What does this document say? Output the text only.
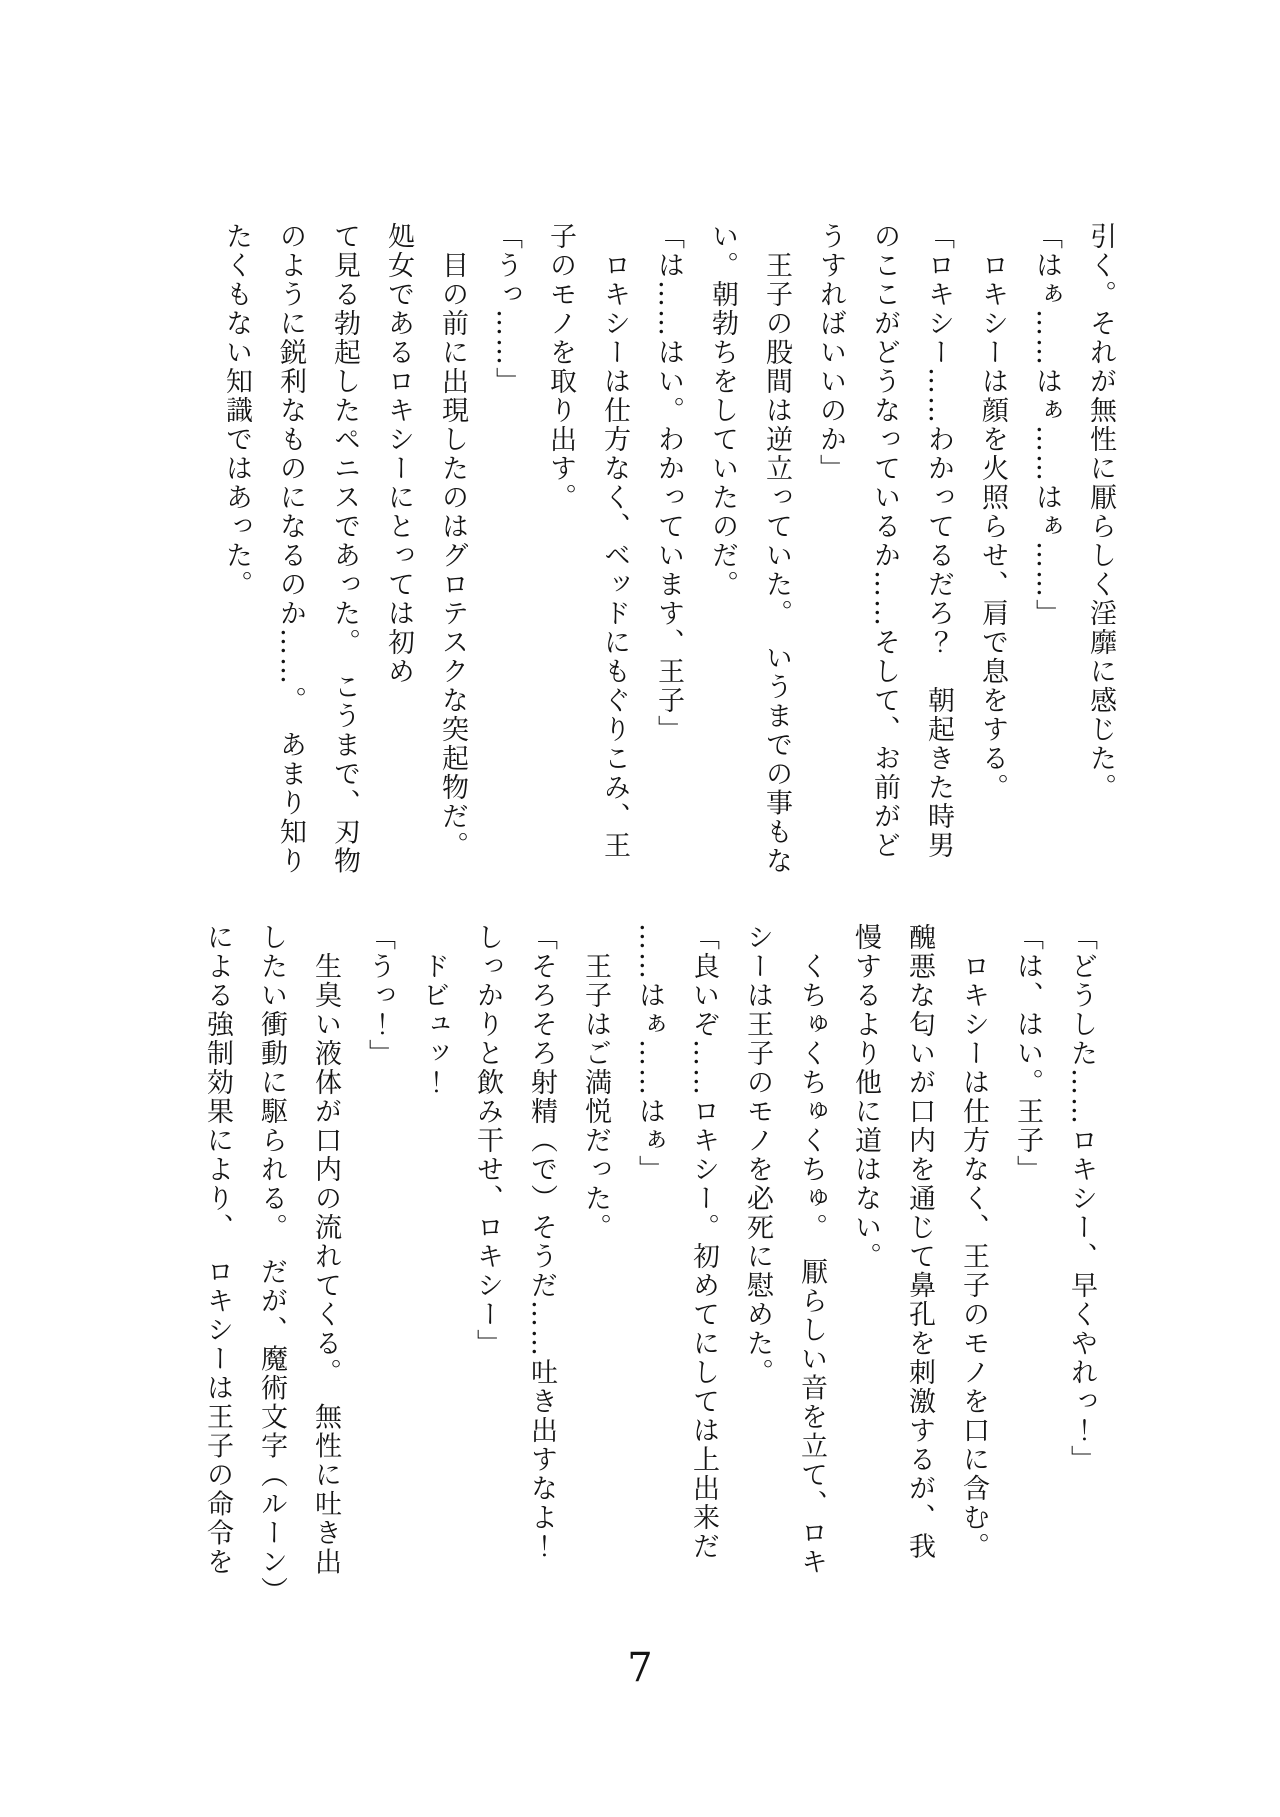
引く。それが無性に厭らしく淫靡に感じた。

「はぁ……はぁ……はぁ……」

　ロキシーは顔を火照らせ、肩で息をする。

「ロキシー……わかってるだろ？　朝起きた時男

のここがどうなっているか……そして、お前がど

うすればいいのか」

　王子の股間は逆立っていた。　いうまでの事もな

い。朝勃ちをしていたのだ。

「は……はい。わかっています、王子」

　ロキシーは仕方なく、ベッドにもぐりこみ、王

子のモノを取り出す。

「うっ……」

　目の前に出現したのはグロテスクな突起物だ。

処女であるロキシーにとっては初め

て見る勃起したペニスであった。　こうまで、刃物

のように鋭利なものになるのか……。　あまり知り

たくもない知識ではあった。

「どうした……ロキシー、早くやれっ！」

「は、はい。王子」

　ロキシーは仕方なく、王子のモノを口に含む。

醜悪な匂いが口内を通じて鼻孔を刺激するが、我

慢するより他に道はない。

　くちゅくちゅくちゅ。　厭らしい音を立て、ロキ

シーは王子のモノを必死に慰めた。

「良いぞ……ロキシー。初めてにしては上出来だ

……はぁ……はぁ」

　王子はご満悦だった。

「そろそろ射精（で）そうだ……吐き出すなよ！

しっかりと飲み干せ、ロキシー」

　ドビュッ！

「うっ！」

　生臭い液体が口内の流れてくる。　無性に吐き出

したい衝動に駆られる。　だが、魔術文字（ルーン）

による強制効果により、　ロキシーは王子の命令を

7
